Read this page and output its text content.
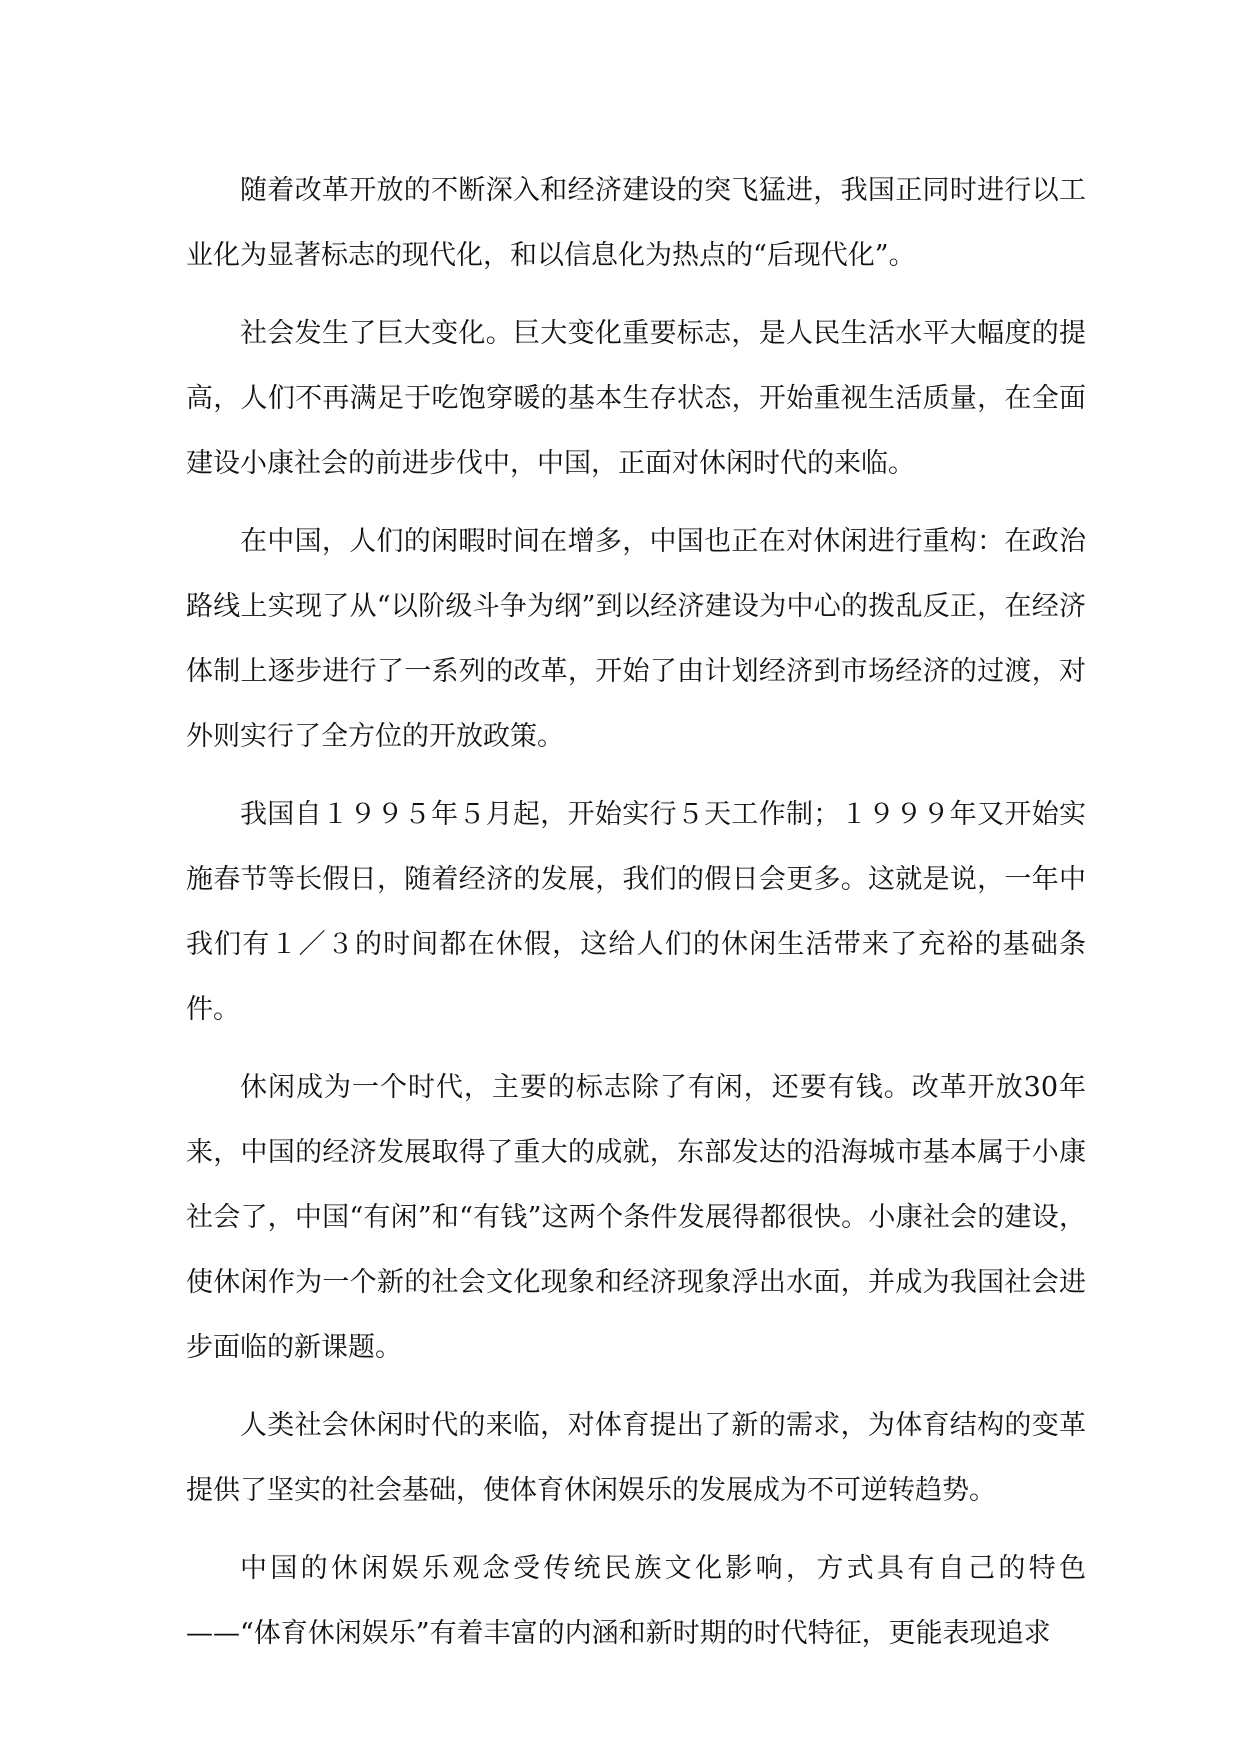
随着改革开放的不断深入和经济建设的突飞猛进，我国正同时进行以工业化为显著标志的现代化，和以信息化为热点的“后现代化”。

社会发生了巨大变化。巨大变化重要标志，是人民生活水平大幅度的提高，人们不再满足于吃饱穿暖的基本生存状态，开始重视生活质量，在全面建设小康社会的前进步伐中，中国，正面对休闲时代的来临。

在中国，人们的闲暇时间在增多，中国也正在对休闲进行重构：在政治路线上实现了从“以阶级斗争为纲”到以经济建设为中心的拨乱反正，在经济体制上逐步进行了一系列的改革，开始了由计划经济到市场经济的过渡，对外则实行了全方位的开放政策。

我国自１９９５年５月起，开始实行５天工作制；１９９９年又开始实施春节等长假日，随着经济的发展，我们的假日会更多。这就是说，一年中我们有１／３的时间都在休假，这给人们的休闲生活带来了充裕的基础条件。

休闲成为一个时代，主要的标志除了有闲，还要有钱。改革开放30年来，中国的经济发展取得了重大的成就，东部发达的沿海城市基本属于小康社会了，中国“有闲”和“有钱”这两个条件发展得都很快。小康社会的建设，使休闲作为一个新的社会文化现象和经济现象浮出水面，并成为我国社会进步面临的新课题。

人类社会休闲时代的来临，对体育提出了新的需求，为体育结构的变革提供了坚实的社会基础，使体育休闲娱乐的发展成为不可逆转趋势。

中国的休闲娱乐观念受传统民族文化影响，方式具有自己的特色——“体育休闲娱乐”有着丰富的内涵和新时期的时代特征，更能表现追求
